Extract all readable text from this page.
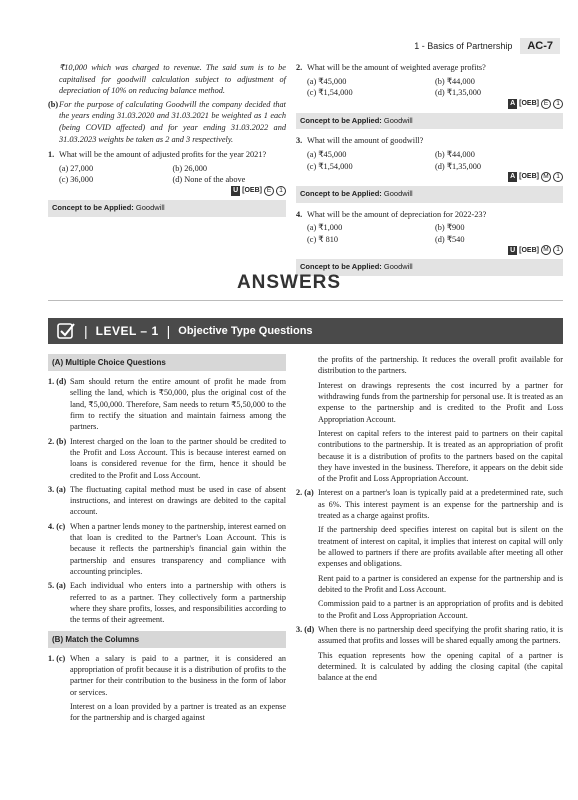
1 - Basics of Partnership	AC-7

₹10,000 which was charged to revenue. The said sum is to be capitalised for goodwill calculation subject to adjustment of depreciation of 10% on reducing balance method.

(b) For the purpose of calculating Goodwill the company decided that the years ending 31.03.2020 and 31.03.2021 be weighted as 1 each (being COVID affected) and for year ending 31.03.2022 and 31.03.2023 weights be taken as 2 and 3 respectively.
1. What will be the amount of adjusted profits for the year 2021?
(a) 27,000	(b) 26,000
(c) 36,000	(d) None of the above
U [OEB] E	1
Concept to be Applied: Goodwill
2. What will be the amount of weighted average profits?
(a) ₹45,000	(b) ₹44,000
(c) ₹1,54,000	(d) ₹1,35,000
A [OEB] E	1
Concept to be Applied: Goodwill
3. What will the amount of goodwill?
(a) ₹45,000	(b) ₹44,000
(c) ₹1,54,000	(d) ₹1,35,000
A [OEB] M	1
Concept to be Applied: Goodwill
4. What will be the amount of depreciation for 2022-23?
(a) ₹1,000	(b) ₹900
(c) ₹ 810	(d) ₹540
U [OEB] M	1
Concept to be Applied: Goodwill
ANSWERS
| LEVEL – 1 | Objective Type Questions
(A) Multiple Choice Questions
1. (d) Sam should return the entire amount of profit he made from selling the land, which is ₹50,000, plus the original cost of the land, ₹5,00,000. Therefore, Sam needs to return ₹5,50,000 to the firm to rectify the situation and maintain fairness among the partners.
2. (b) Interest charged on the loan to the partner should be credited to the Profit and Loss Account. This is because interest earned on loans is considered revenue for the firm, hence it should be credited to the Profit and Loss Account.
3. (a) The fluctuating capital method must be used in case of absent instructions, and interest on drawings are debited to the capital account.
4. (c) When a partner lends money to the partnership, interest earned on that loan is credited to the Partner's Loan Account. This is because it reflects the partnership's financial gain within the partnership and ensures transparency and compliance with accounting principles.
5. (a) Each individual who enters into a partnership with others is referred to as a partner. They collectively form a partnership where they share profits, losses, and responsibilities according to the terms of their agreement.
(B) Match the Columns
1. (c) When a salary is paid to a partner, it is considered an appropriation of profit because it is a distribution of profits to the partner for their contribution to the business in the form of labor or services.

Interest on a loan provided by a partner is treated as an expense for the partnership and is charged against

the profits of the partnership. It reduces the overall profit available for distribution to the partners.

Interest on drawings represents the cost incurred by a partner for withdrawing funds from the partnership for personal use. It is treated as an expense to the partnership and is credited to the Profit and Loss Appropriation Account.

Interest on capital refers to the interest paid to partners on their capital contributions to the partnership. It is treated as an appropriation of profit because it is a distribution of profits to the partners based on the capital they have invested in the business. Therefore, it appears on the debit side of the Profit and Loss Appropriation Account.

2. (a) Interest on a partner's loan is typically paid at a predetermined rate, such as 6%. This interest payment is an expense for the partnership and is treated as a charge against profits.

If the partnership deed specifies interest on capital but is silent on the treatment of interest on capital, it implies that interest on capital will only be allowed to partners if there are profits available after meeting all other expenses and obligations.

Rent paid to a partner is considered an expense for the partnership and is debited to the Profit and Loss Account.

Commission paid to a partner is an appropriation of profits and is debited to the Profit and Loss Appropriation Account.

3. (d) When there is no partnership deed specifying the profit sharing ratio, it is assumed that profits and losses will be shared equally among the partners.

This equation represents how the opening capital of a partner is determined. It is calculated by adding the closing capital (the capital balance at the end
